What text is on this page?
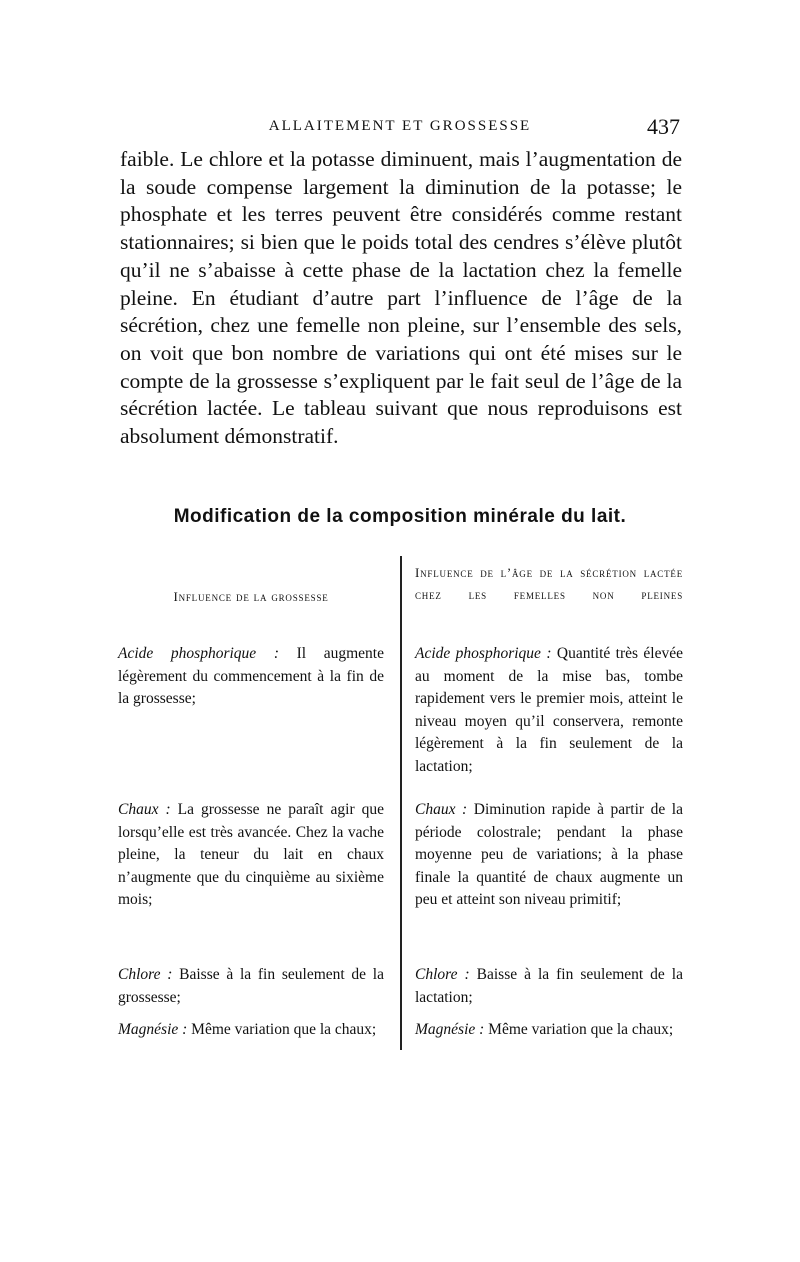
ALLAITEMENT ET GROSSESSE	437

faible. Le chlore et la potasse diminuent, mais l’augmentation de la soude compense largement la diminution de la potasse; le phosphate et les terres peuvent être considérés comme restant stationnaires; si bien que le poids total des cendres s’élève plutôt qu’il ne s’abaisse à cette phase de la lactation chez la femelle pleine. En étudiant d’autre part l’influence de l’âge de la sécrétion, chez une femelle non pleine, sur l’ensemble des sels, on voit que bon nombre de variations qui ont été mises sur le compte de la grossesse s’expliquent par le fait seul de l’âge de la sécrétion lactée. Le tableau suivant que nous reproduisons est absolument démonstratif.

Modification de la composition minérale du lait.
Influence de la grossesse

Acide phosphorique : Il augmente légèrement du commencement à la fin de la grossesse;

Chaux : La grossesse ne paraît agir que lorsqu’elle est très avancée. Chez la vache pleine, la teneur du lait en chaux n’augmente que du cinquième au sixième mois;

Chlore : Baisse à la fin seulement de la grossesse;

Magnésie : Même variation que la chaux;

Influence de l’âge de la sécrétion lactée chez les femelles non pleines

Acide phosphorique : Quantité très élevée au moment de la mise bas, tombe rapidement vers le premier mois, atteint le niveau moyen qu’il conservera, remonte légèrement à la fin seulement de la lactation;

Chaux : Diminution rapide à partir de la période colostrale; pendant la phase moyenne peu de variations; à la phase finale la quantité de chaux augmente un peu et atteint son niveau primitif;

Chlore : Baisse à la fin seulement de la lactation;

Magnésie : Même variation que la chaux;
